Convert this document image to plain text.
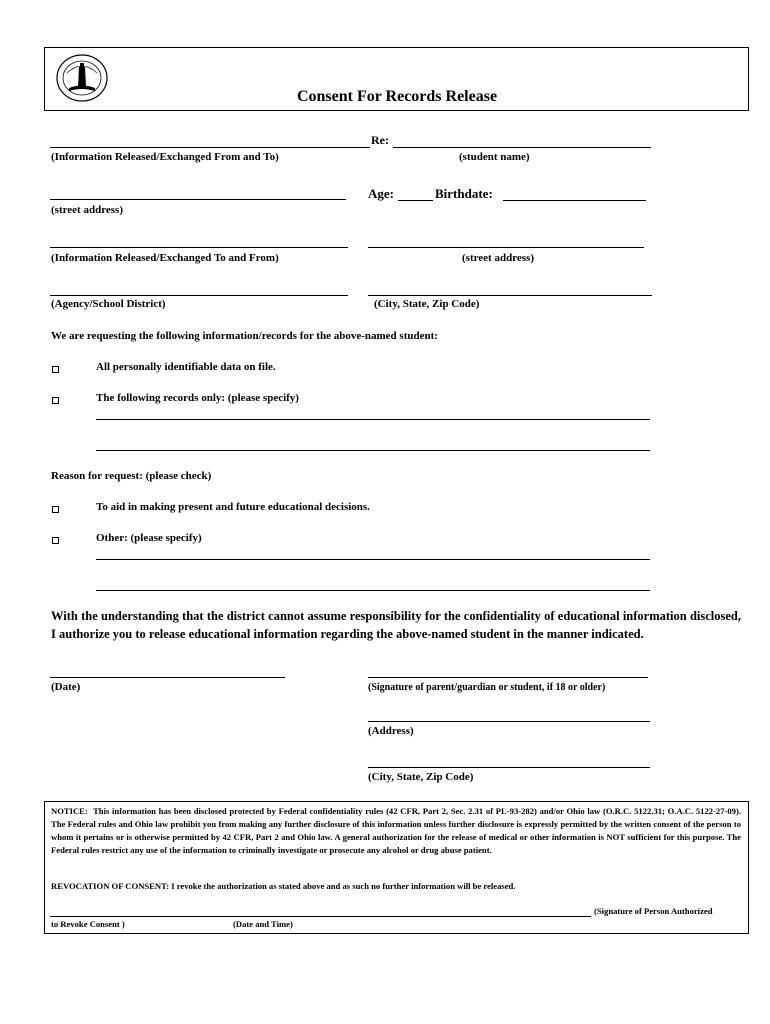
Consent For Records Release
Re:
(Information Released/Exchanged From and To)	(student name)
Age:	Birthdate:
(street address)
(Information Released/Exchanged To and From)	(street address)
(Agency/School District)	(City, State, Zip Code)
We are requesting the following information/records for the above-named student:
All personally identifiable data on file.
The following records only: (please specify)
Reason for request: (please check)
To aid in making present and future educational decisions.
Other: (please specify)
With the understanding that the district cannot assume responsibility for the confidentiality of educational information disclosed, I authorize you to release educational information regarding the above-named student in the manner indicated.
(Date)	(Signature of parent/guardian or student, if 18 or older)
(Address)
(City, State, Zip Code)
NOTICE: This information has been disclosed protected by Federal confidentiality rules (42 CFR, Part 2, Sec. 2.31 of PL-93-282) and/or Ohio law (O.R.C. 5122.31; O.A.C. 5122-27-09). The Federal rules and Ohio law prohibit you from making any further disclosure of this information unless further disclosure is expressly permitted by the written consent of the person to whom it pertains or is otherwise permitted by 42 CFR, Part 2 and Ohio law. A general authorization for the release of medical or other information is NOT sufficient for this purpose. The Federal rules restrict any use of the information to criminally investigate or prosecute any alcohol or drug abuse patient.
REVOCATION OF CONSENT: I revoke the authorization as stated above and as such no further information will be released.
(Signature of Person Authorized
to Revoke Consent )	(Date and Time)
